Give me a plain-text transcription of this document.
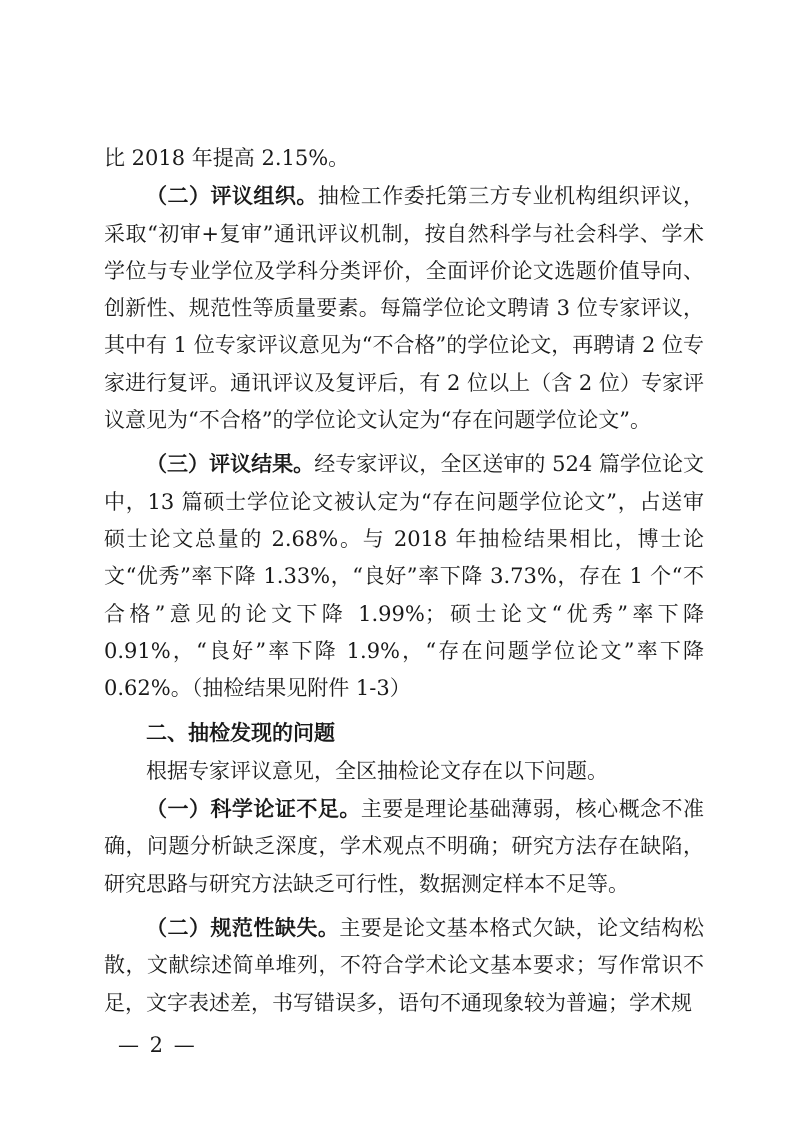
比 2018 年提高 2.15%。

（二）评议组织。抽检工作委托第三方专业机构组织评议，采取“初审+复审”通讯评议机制，按自然科学与社会科学、学术学位与专业学位及学科分类评价，全面评价论文选题价值导向、创新性、规范性等质量要素。每篇学位论文聘请 3 位专家评议，其中有 1 位专家评议意见为“不合格”的学位论文，再聘请 2 位专家进行复评。通讯评议及复评后，有 2 位以上（含 2 位）专家评议意见为“不合格”的学位论文认定为“存在问题学位论文”。

（三）评议结果。经专家评议，全区送审的 524 篇学位论文中，13 篇硕士学位论文被认定为“存在问题学位论文”，占送审硕士论文总量的 2.68%。与 2018 年抽检结果相比，博士论文“优秀”率下降 1.33%，“良好”率下降 3.73%，存在 1 个“不合格”意见的论文下降 1.99%；硕士论文“优秀”率下降 0.91%，“良好”率下降 1.9%，“存在问题学位论文”率下降 0.62%。（抽检结果见附件 1-3）

二、抽检发现的问题

根据专家评议意见，全区抽检论文存在以下问题。

（一）科学论证不足。主要是理论基础薄弱，核心概念不准确，问题分析缺乏深度，学术观点不明确；研究方法存在缺陷，研究思路与研究方法缺乏可行性，数据测定样本不足等。

（二）规范性缺失。主要是论文基本格式欠缺，论文结构松散，文献综述简单堆列，不符合学术论文基本要求；写作常识不足，文字表述差，书写错误多，语句不通现象较为普遍；学术规

— 2 —
